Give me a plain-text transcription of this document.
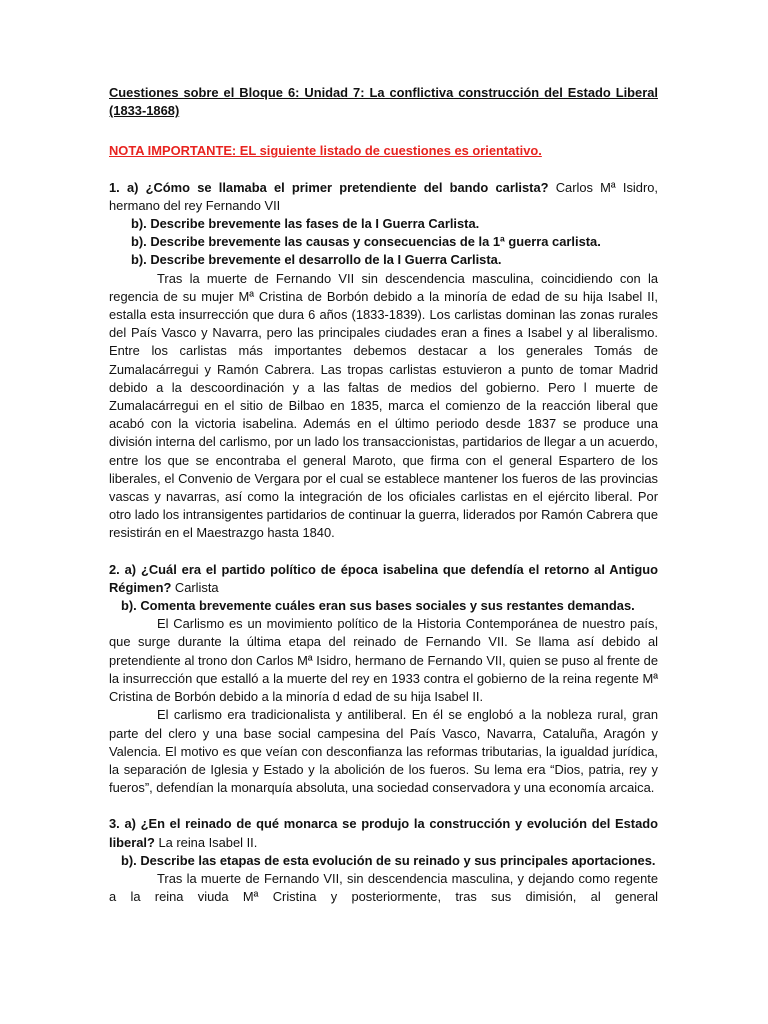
Cuestiones sobre el Bloque 6: Unidad 7: La conflictiva construcción del Estado Liberal (1833-1868)

NOTA IMPORTANTE: EL siguiente listado de cuestiones es orientativo.

1. a) ¿Cómo se llamaba el primer pretendiente del bando carlista? Carlos Mª Isidro, hermano del rey Fernando VII

b). Describe brevemente las fases de la I Guerra Carlista.

b). Describe brevemente las causas y consecuencias de la 1ª guerra carlista.

b). Describe brevemente el desarrollo de la I Guerra Carlista.

Tras la muerte de Fernando VII sin descendencia masculina, coincidiendo con la regencia de su mujer Mª Cristina de Borbón debido a la minoría de edad de su hija Isabel II, estalla esta insurrección que dura 6 años (1833-1839). Los carlistas dominan las zonas rurales del País Vasco y Navarra, pero las principales ciudades eran a fines a Isabel y al liberalismo. Entre los carlistas más importantes debemos destacar a los generales Tomás de Zumalacárregui y Ramón Cabrera. Las tropas carlistas estuvieron a punto de tomar Madrid debido a la descoordinación y a las faltas de medios del gobierno. Pero l muerte de Zumalacárregui en el sitio de Bilbao en 1835, marca el comienzo de la reacción liberal que acabó con la victoria isabelina. Además en el último periodo desde 1837 se produce una división interna del carlismo, por un lado los transaccionistas, partidarios de llegar a un acuerdo, entre los que se encontraba el general Maroto, que firma con el general Espartero de los liberales, el Convenio de Vergara por el cual se establece mantener los fueros de las provincias vascas y navarras, así como la integración de los oficiales carlistas en el ejército liberal. Por otro lado los intransigentes partidarios de continuar la guerra, liderados por Ramón Cabrera que resistirán en el Maestrazgo hasta 1840.

2. a) ¿Cuál era el partido político de época isabelina que defendía el retorno al Antiguo Régimen? Carlista

b). Comenta brevemente cuáles eran sus bases sociales y sus restantes demandas.

El Carlismo es un movimiento político de la Historia Contemporánea de nuestro país, que surge durante la última etapa del reinado de Fernando VII. Se llama así debido al pretendiente al trono don Carlos Mª Isidro, hermano de Fernando VII, quien se puso al frente de la insurrección que estalló a la muerte del rey en 1933 contra el gobierno de la reina regente Mª Cristina de Borbón debido a la minoría d edad de su hija Isabel II.

El carlismo era tradicionalista y antiliberal. En él se englobó a la nobleza rural, gran parte del clero y una base social campesina del País Vasco, Navarra, Cataluña, Aragón y Valencia. El motivo es que veían con desconfianza las reformas tributarias, la igualdad jurídica, la separación de Iglesia y Estado y la abolición de los fueros. Su lema era “Dios, patria, rey y fueros”, defendían la monarquía absoluta, una sociedad conservadora y una economía arcaica.

3. a) ¿En el reinado de qué monarca se produjo la construcción y evolución del Estado liberal? La reina Isabel II.

b). Describe las etapas de esta evolución de su reinado y sus principales aportaciones.

Tras la muerte de Fernando VII, sin descendencia masculina, y dejando como regente a la reina viuda Mª Cristina y posteriormente, tras sus dimisión, al general
